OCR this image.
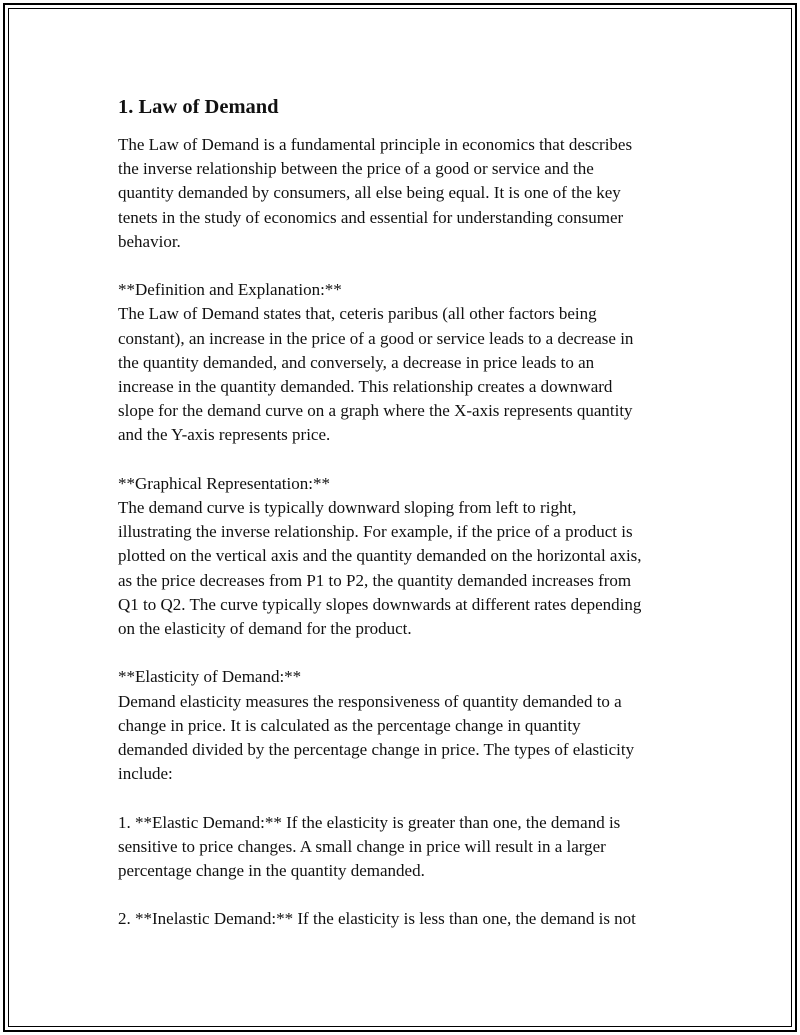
1. Law of Demand
The Law of Demand is a fundamental principle in economics that describes
the inverse relationship between the price of a good or service and the
quantity demanded by consumers, all else being equal. It is one of the key
tenets in the study of economics and essential for understanding consumer
behavior.
**Definition and Explanation:**
The Law of Demand states that, ceteris paribus (all other factors being
constant), an increase in the price of a good or service leads to a decrease in
the quantity demanded, and conversely, a decrease in price leads to an
increase in the quantity demanded. This relationship creates a downward
slope for the demand curve on a graph where the X-axis represents quantity
and the Y-axis represents price.
**Graphical Representation:**
The demand curve is typically downward sloping from left to right,
illustrating the inverse relationship. For example, if the price of a product is
plotted on the vertical axis and the quantity demanded on the horizontal axis,
as the price decreases from P1 to P2, the quantity demanded increases from
Q1 to Q2. The curve typically slopes downwards at different rates depending
on the elasticity of demand for the product.
**Elasticity of Demand:**
Demand elasticity measures the responsiveness of quantity demanded to a
change in price. It is calculated as the percentage change in quantity
demanded divided by the percentage change in price. The types of elasticity
include:
1. **Elastic Demand:** If the elasticity is greater than one, the demand is
sensitive to price changes. A small change in price will result in a larger
percentage change in the quantity demanded.
2. **Inelastic Demand:** If the elasticity is less than one, the demand is not
